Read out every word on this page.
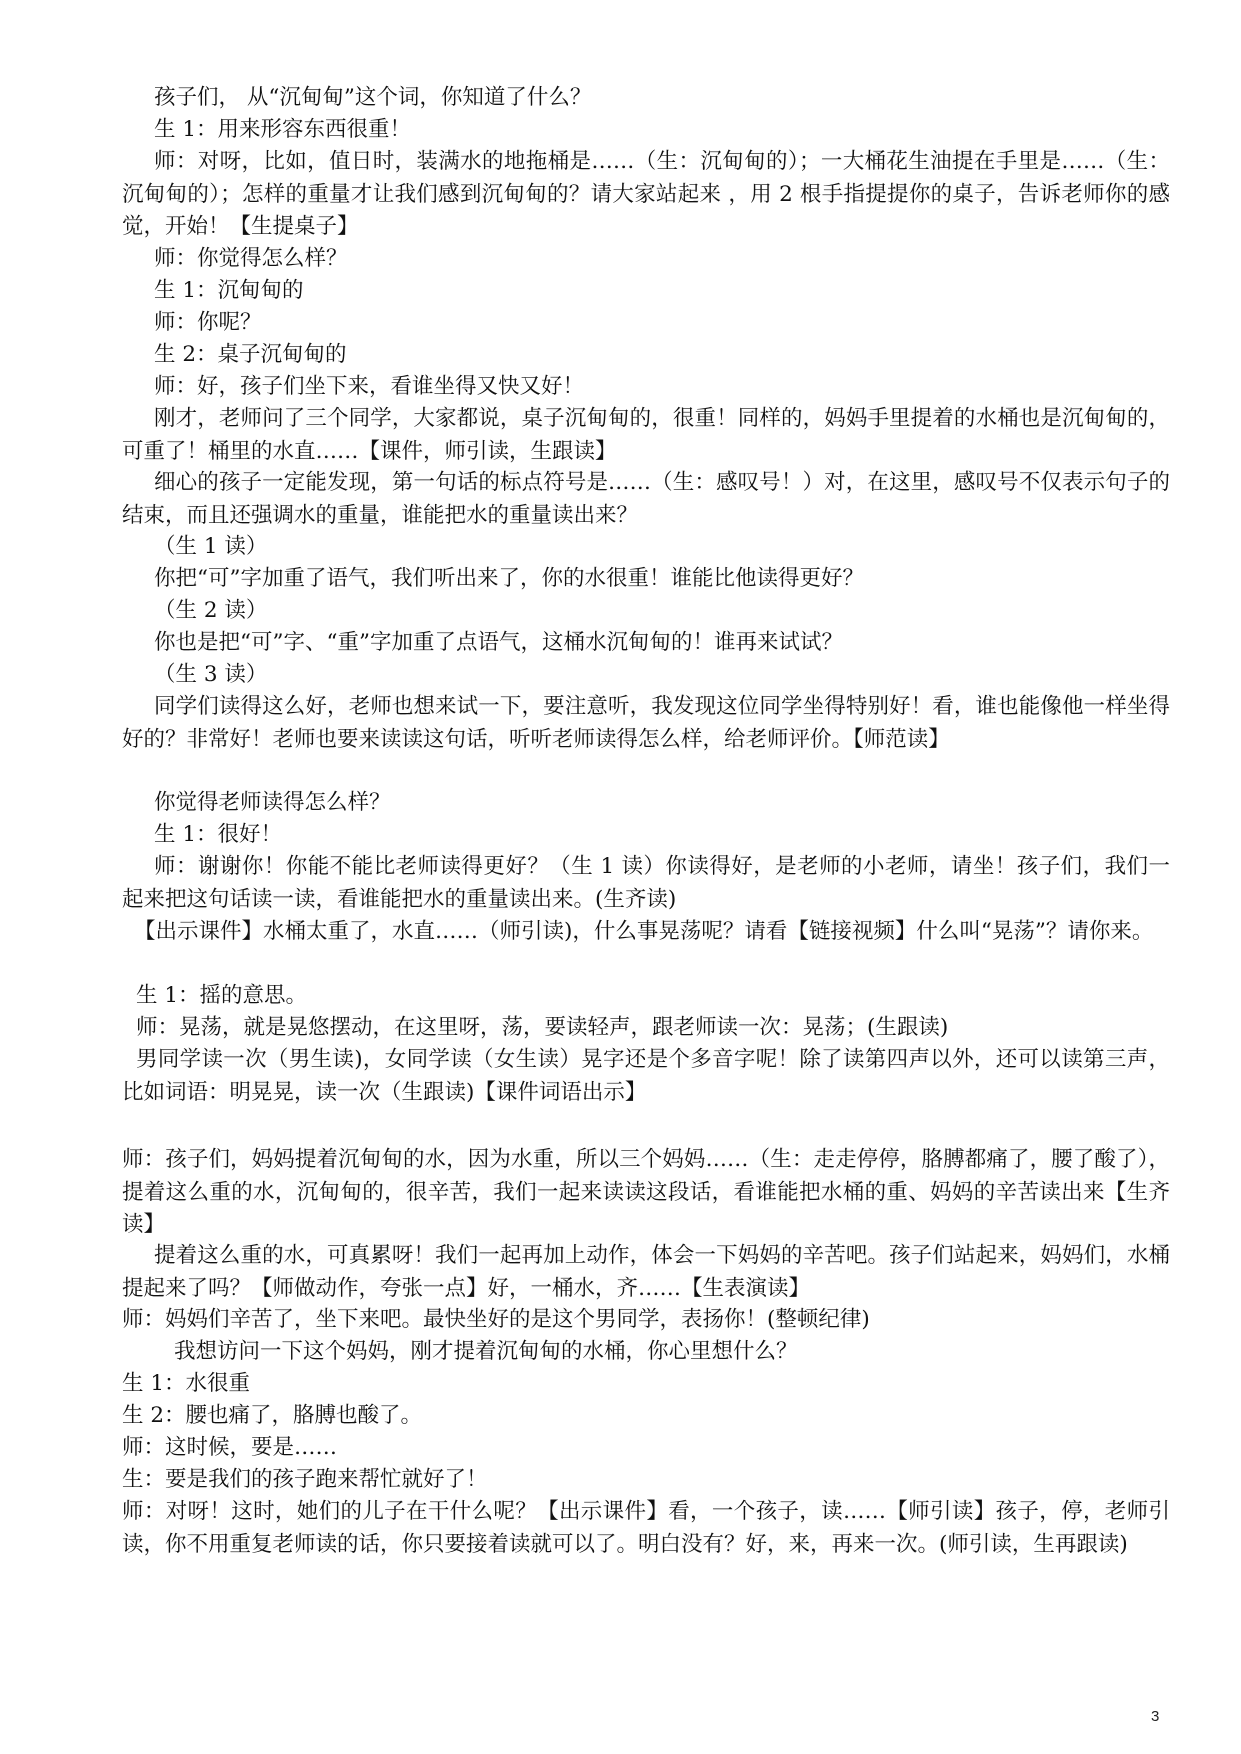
孩子们， 从“沉甸甸”这个词，你知道了什么？

生 1：用来形容东西很重！

师：对呀，比如，值日时，装满水的地拖桶是……（生：沉甸甸的）；一大桶花生油提在手里是……（生：沉甸甸的）；怎样的重量才让我们感到沉甸甸的？请大家站起来 ，用 2 根手指提提你的桌子，告诉老师你的感觉，开始！【生提桌子】

师：你觉得怎么样？

生 1：沉甸甸的

师：你呢？

生 2：桌子沉甸甸的

师：好，孩子们坐下来，看谁坐得又快又好！

刚才，老师问了三个同学，大家都说，桌子沉甸甸的，很重！同样的，妈妈手里提着的水桶也是沉甸甸的，可重了！桶里的水直……【课件，师引读，生跟读】

细心的孩子一定能发现，第一句话的标点符号是……（生：感叹号！）对，在这里，感叹号不仅表示句子的结束，而且还强调水的重量，谁能把水的重量读出来？

（生 1 读）

你把“可”字加重了语气，我们听出来了，你的水很重！谁能比他读得更好？

（生 2 读）

你也是把“可”字、“重”字加重了点语气，这桶水沉甸甸的！谁再来试试？

（生 3 读）

同学们读得这么好，老师也想来试一下，要注意听，我发现这位同学坐得特别好！看，谁也能像他一样坐得好的？非常好！老师也要来读读这句话，听听老师读得怎么样，给老师评价。【师范读】

你觉得老师读得怎么样？

生 1：很好！

师：谢谢你！你能不能比老师读得更好？（生 1 读）你读得好，是老师的小老师，请坐！孩子们，我们一起来把这句话读一读，看谁能把水的重量读出来。(生齐读)

【出示课件】水桶太重了，水直……（师引读)，什么事晃荡呢？请看【链接视频】什么叫“晃荡”？请你来。

生 1：摇的意思。

师：晃荡，就是晃悠摆动，在这里呀，荡，要读轻声，跟老师读一次：晃荡；(生跟读)

男同学读一次（男生读)，女同学读（女生读）晃字还是个多音字呢！除了读第四声以外，还可以读第三声，比如词语：明晃晃，读一次（生跟读)【课件词语出示】

师：孩子们，妈妈提着沉甸甸的水，因为水重，所以三个妈妈……（生：走走停停，胳膊都痛了，腰了酸了），提着这么重的水，沉甸甸的，很辛苦，我们一起来读读这段话，看谁能把水桶的重、妈妈的辛苦读出来【生齐读】

提着这么重的水，可真累呀！我们一起再加上动作，体会一下妈妈的辛苦吧。孩子们站起来，妈妈们，水桶提起来了吗？【师做动作，夸张一点】好，一桶水，齐……【生表演读】

师：妈妈们辛苦了，坐下来吧。最快坐好的是这个男同学，表扬你！(整顿纪律)

我想访问一下这个妈妈，刚才提着沉甸甸的水桶，你心里想什么？

生 1：水很重

生 2：腰也痛了，胳膊也酸了。

师：这时候，要是……

生：要是我们的孩子跑来帮忙就好了！

师：对呀！这时，她们的儿子在干什么呢？【出示课件】看，一个孩子，读……【师引读】孩子，停，老师引读，你不用重复老师读的话，你只要接着读就可以了。明白没有？好，来，再来一次。(师引读，生再跟读)

3
